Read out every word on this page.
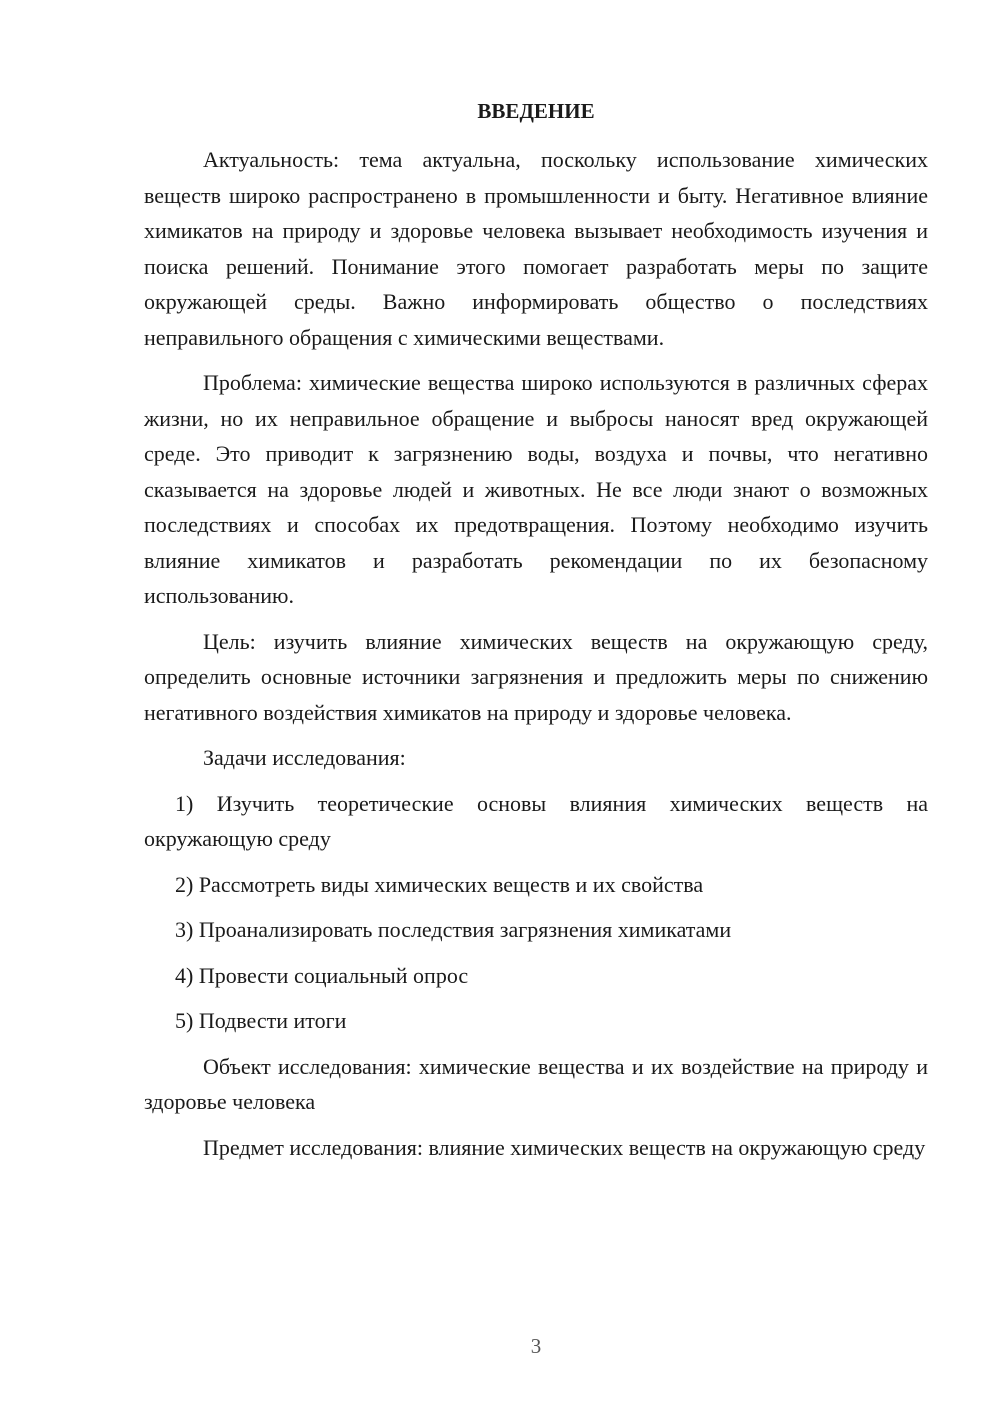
ВВЕДЕНИЕ

Актуальность: тема актуальна, поскольку использование химических веществ широко распространено в промышленности и быту. Негативное влияние химикатов на природу и здоровье человека вызывает необходимость изучения и поиска решений. Понимание этого помогает разработать меры по защите окружающей среды. Важно информировать общество о последствиях неправильного обращения с химическими веществами.

Проблема: химические вещества широко используются в различных сферах жизни, но их неправильное обращение и выбросы наносят вред окружающей среде. Это приводит к загрязнению воды, воздуха и почвы, что негативно сказывается на здоровье людей и животных. Не все люди знают о возможных последствиях и способах их предотвращения. Поэтому необходимо изучить влияние химикатов и разработать рекомендации по их безопасному использованию.

Цель: изучить влияние химических веществ на окружающую среду, определить основные источники загрязнения и предложить меры по снижению негативного воздействия химикатов на природу и здоровье человека.

Задачи исследования:

1) Изучить теоретические основы влияния химических веществ на окружающую среду

2) Рассмотреть виды химических веществ и их свойства

3) Проанализировать последствия загрязнения химикатами

4) Провести социальный опрос

5) Подвести итоги

Объект исследования: химические вещества и их воздействие на природу и здоровье человека

Предмет исследования: влияние химических веществ на окружающую среду

3
